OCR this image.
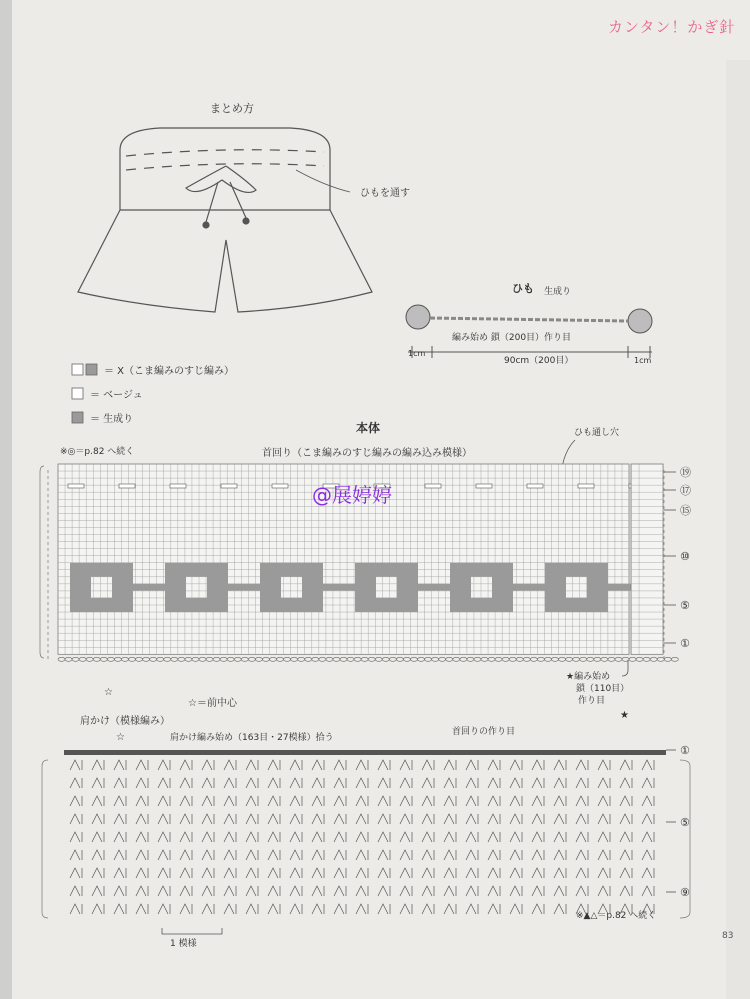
カンタン！かぎ針
まとめ方
ひもを通す
ひも 生成り
編み始め 鎖（200目）作り目
1cm
90cm（200目）	1cm
＝ X（こま編みのすじ編み）
＝ ベージュ
＝ 生成り
本体
首回り（こま編みのすじ編みの編み込み模様）
※◎＝p.82 へ続く
ひも通し穴
@展婷婷
⑲
⑰
⑮
⑩
⑤
①
☆
☆＝前中心
★編み始め
鎖（110目）
作り目
肩かけ（模様編み）
肩かけ編み始め（163目・27模様）拾う
首回りの作り目
★
☆
①
⑤
⑨
※▲△＝p.82 へ続く
1 模様
83
